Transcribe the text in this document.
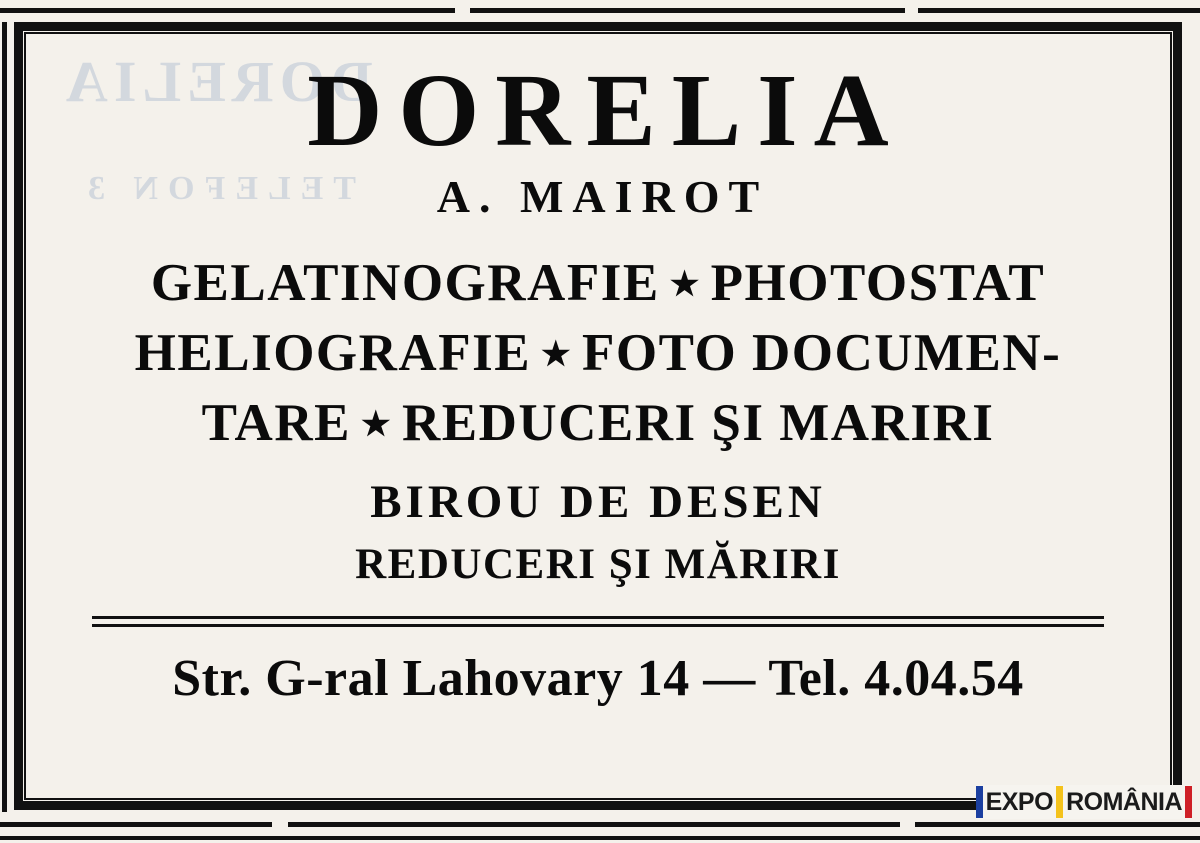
DORELIA
TELEFON 3
DORELIA
A. MAIROT
GELATINOGRAFIE ★ PHOTOSTAT
HELIOGRAFIE ★ FOTO DOCUMEN-
TARE ★ REDUCERI ŞI MARIRI
BIROU DE DESEN
REDUCERI ŞI MĂRIRI
Str. G-ral Lahovary 14 — Tel. 4.04.54
EXPO ROMÂNIA
